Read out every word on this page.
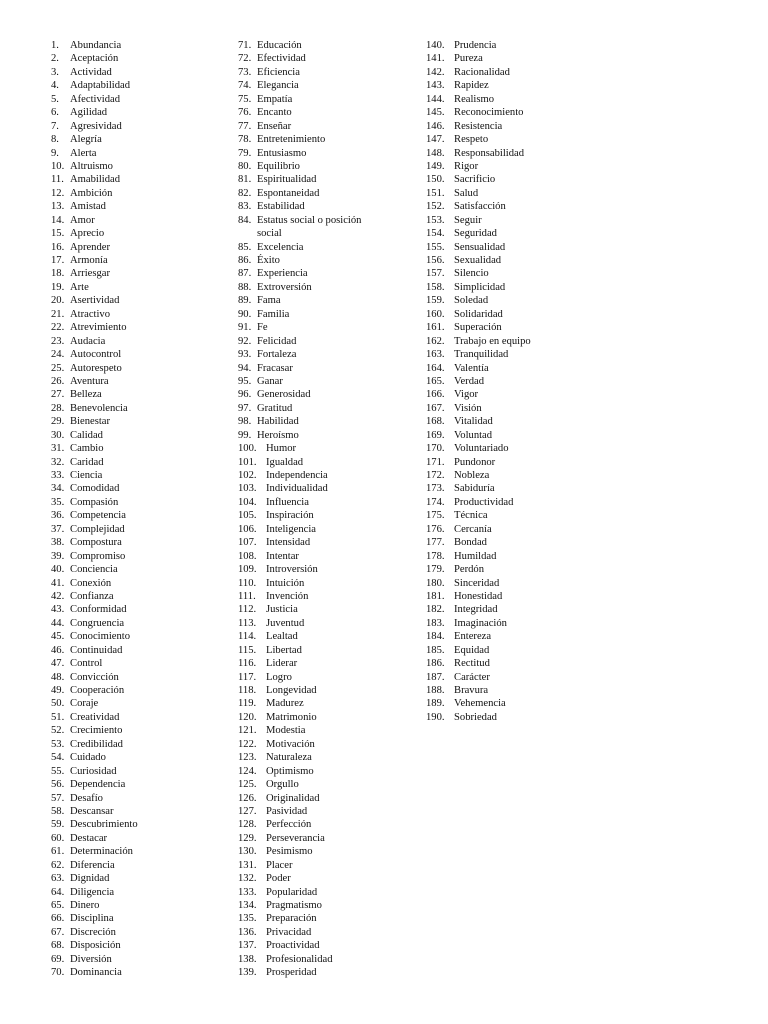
1.	Abundancia
2.	Aceptación
3.	Actividad
4.	Adaptabilidad
5.	Afectividad
6.	Agilidad
7.	Agresividad
8.	Alegría
9.	Alerta
10. Altruismo
11. Amabilidad
12. Ambición
13. Amistad
14. Amor
15. Aprecio
16. Aprender
17. Armonía
18. Arriesgar
19. Arte
20. Asertividad
21. Atractivo
22. Atrevimiento
23. Audacia
24. Autocontrol
25. Autorespeto
26. Aventura
27. Belleza
28. Benevolencia
29. Bienestar
30. Calidad
31. Cambio
32. Caridad
33. Ciencia
34. Comodidad
35. Compasión
36. Competencia
37. Complejidad
38. Compostura
39. Compromiso
40. Conciencia
41. Conexión
42. Confianza
43. Conformidad
44. Congruencia
45. Conocimiento
46. Continuidad
47. Control
48. Convicción
49. Cooperación
50. Coraje
51. Creatividad
52. Crecimiento
53. Credibilidad
54. Cuidado
55. Curiosidad
56. Dependencia
57. Desafío
58. Descansar
59. Descubrimiento
60. Destacar
61. Determinación
62. Diferencia
63. Dignidad
64. Diligencia
65. Dinero
66. Disciplina
67. Discreción
68. Disposición
69. Diversión
70. Dominancia
71. Educación
72. Efectividad
73. Eficiencia
74. Elegancia
75. Empatía
76. Encanto
77. Enseñar
78. Entretenimiento
79. Entusiasmo
80. Equilibrio
81. Espiritualidad
82. Espontaneidad
83. Estabilidad
84. Estatus social o posición social
85. Excelencia
86. Éxito
87. Experiencia
88. Extroversión
89. Fama
90. Familia
91. Fe
92. Felicidad
93. Fortaleza
94. Fracasar
95. Ganar
96. Generosidad
97. Gratitud
98. Habilidad
99. Heroísmo
100. Humor
101. Igualdad
102. Independencia
103. Individualidad
104. Influencia
105. Inspiración
106. Inteligencia
107. Intensidad
108. Intentar
109. Introversión
110. Intuición
111. Invención
112. Justicia
113. Juventud
114. Lealtad
115. Libertad
116. Liderar
117. Logro
118. Longevidad
119. Madurez
120. Matrimonio
121. Modestia
122. Motivación
123. Naturaleza
124. Optimismo
125. Orgullo
126. Originalidad
127. Pasividad
128. Perfección
129. Perseverancia
130. Pesimismo
131. Placer
132. Poder
133. Popularidad
134. Pragmatismo
135. Preparación
136. Privacidad
137. Proactividad
138. Profesionalidad
139. Prosperidad
140. Prudencia
141. Pureza
142. Racionalidad
143. Rapidez
144. Realismo
145. Reconocimiento
146. Resistencia
147. Respeto
148. Responsabilidad
149. Rigor
150. Sacrificio
151. Salud
152. Satisfacción
153. Seguir
154. Seguridad
155. Sensualidad
156. Sexualidad
157. Silencio
158. Simplicidad
159. Soledad
160. Solidaridad
161. Superación
162. Trabajo en equipo
163. Tranquilidad
164. Valentía
165. Verdad
166. Vigor
167. Visión
168. Vitalidad
169. Voluntad
170. Voluntariado
171. Pundonor
172. Nobleza
173. Sabiduría
174. Productividad
175. Técnica
176. Cercanía
177. Bondad
178. Humildad
179. Perdón
180. Sinceridad
181. Honestidad
182. Integridad
183. Imaginación
184. Entereza
185. Equidad
186. Rectitud
187. Carácter
188. Bravura
189. Vehemencia
190. Sobriedad
